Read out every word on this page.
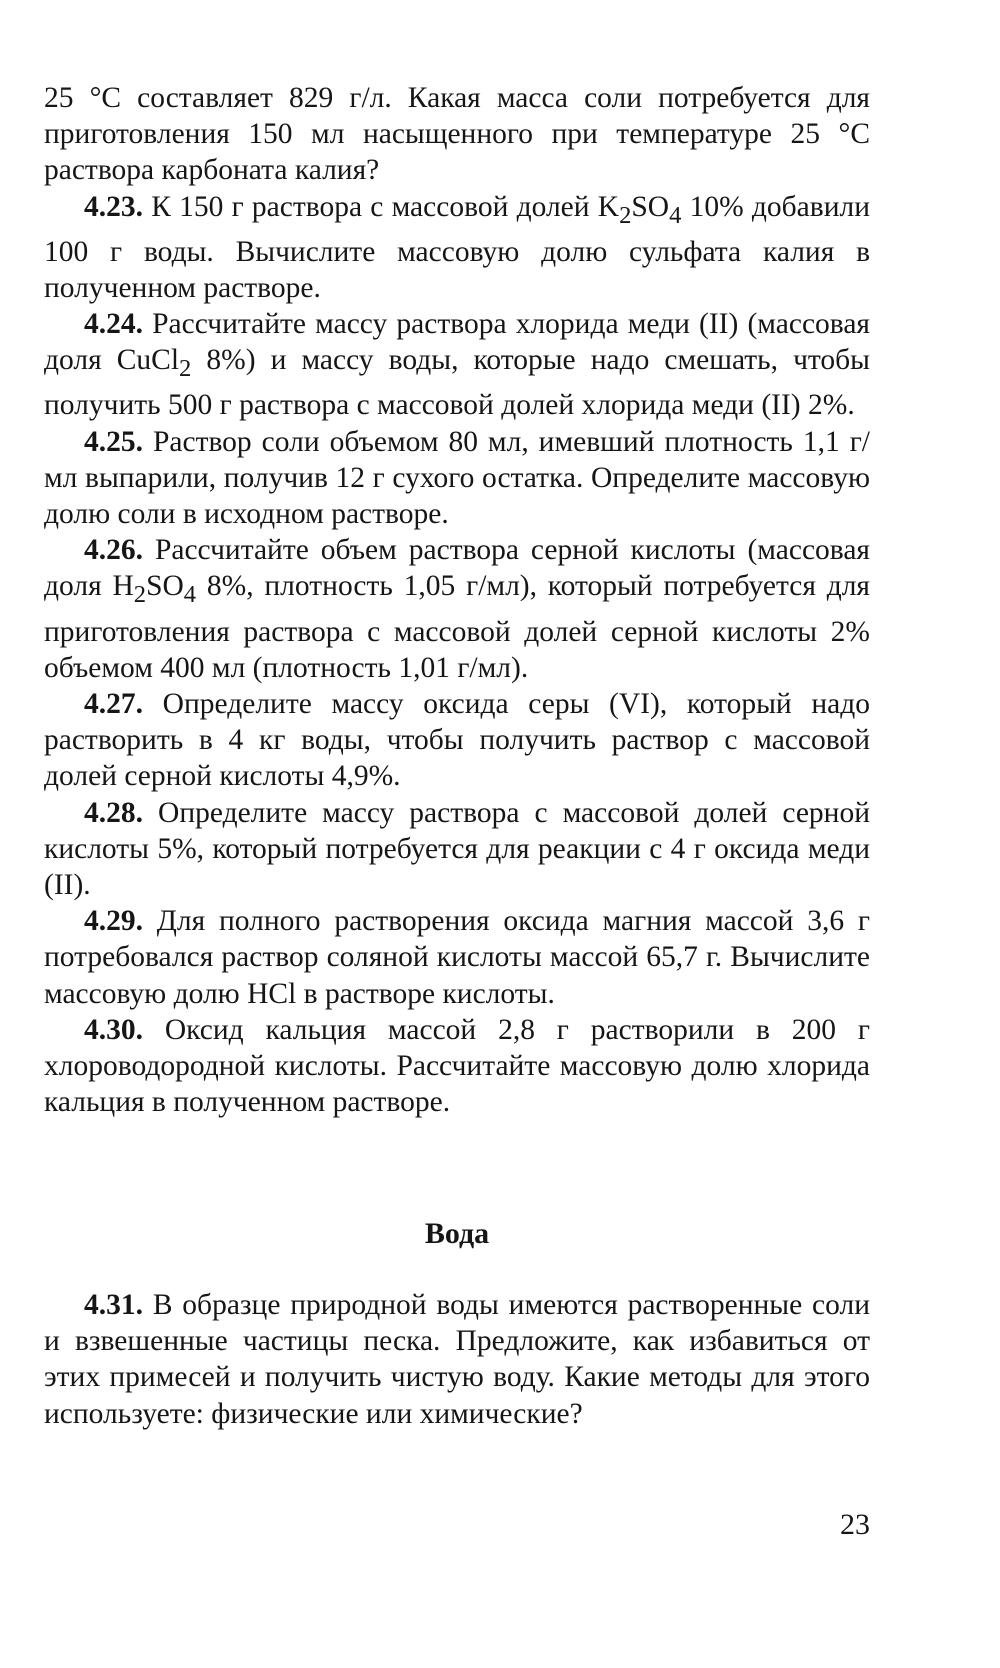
25 °C составляет 829 г/л. Какая масса соли потребуется для приготовления 150 мл насыщенного при температуре 25 °C раствора карбоната калия?

4.23. К 150 г раствора с массовой долей $K_2SO_4$ 10% добавили 100 г воды. Вычислите массовую долю сульфата калия в полученном растворе.

4.24. Рассчитайте массу раствора хлорида меди (II) (массовая доля CuCl$_2$ 8%) и массу воды, которые надо смешать, чтобы получить 500 г раствора с массовой долей хлорида меди (II) 2%.

4.25. Раствор соли объемом 80 мл, имевший плотность 1,1 г/мл выпарили, получив 12 г сухого остатка. Определите массовую долю соли в исходном растворе.

4.26. Рассчитайте объем раствора серной кислоты (массовая доля $H_2SO_4$ 8%, плотность 1,05 г/мл), который потребуется для приготовления раствора с массовой долей серной кислоты 2% объемом 400 мл (плотность 1,01 г/мл).

4.27. Определите массу оксида серы (VI), который надо растворить в 4 кг воды, чтобы получить раствор с массовой долей серной кислоты 4,9%.

4.28. Определите массу раствора с массовой долей серной кислоты 5%, который потребуется для реакции с 4 г оксида меди (II).

4.29. Для полного растворения оксида магния массой 3,6 г потребовался раствор соляной кислоты массой 65,7 г. Вычислите массовую долю HCl в растворе кислоты.

4.30. Оксид кальция массой 2,8 г растворили в 200 г хлороводородной кислоты. Рассчитайте массовую долю хлорида кальция в полученном растворе.

Вода

4.31. В образце природной воды имеются растворенные соли и взвешенные частицы песка. Предложите, как избавиться от этих примесей и получить чистую воду. Какие методы для этого используете: физические или химические?

23
